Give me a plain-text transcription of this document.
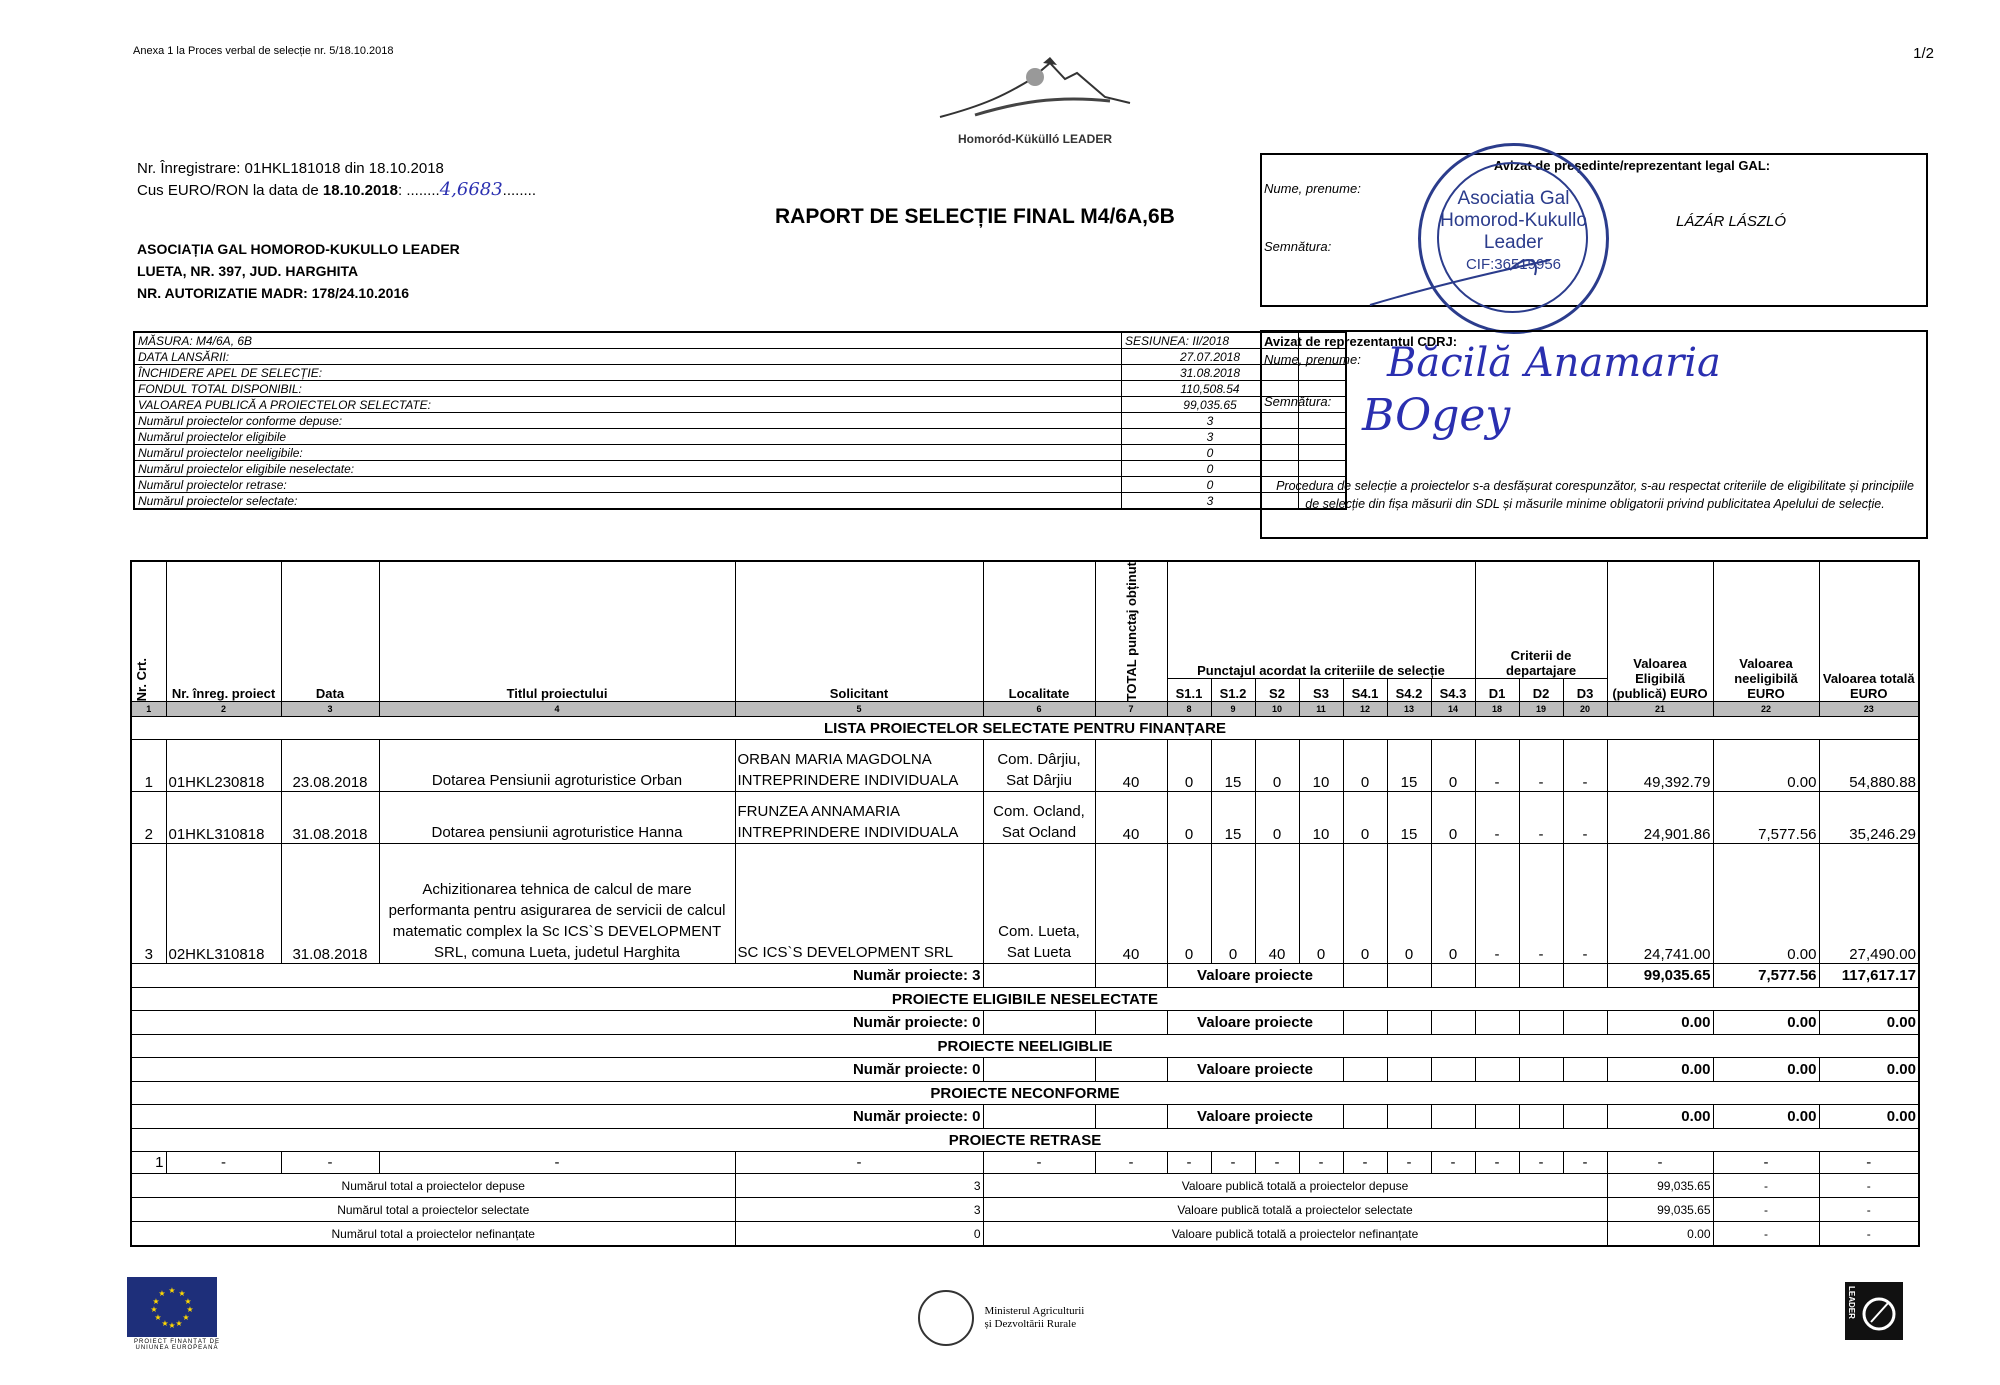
Anexa 1 la Proces verbal de selecție nr. 5/18.10.2018	1/2
Homoród-Kükülló LEADER
Nr. Înregistrare: 01HKL181018 din 18.10.2018
Cus EURO/RON la data de 18.10.2018: ........4,6683........
ASOCIAȚIA GAL HOMOROD-KUKULLO LEADER
LUETA, NR. 397, JUD. HARGHITA
NR. AUTORIZATIE MADR: 178/24.10.2016
RAPORT DE SELECȚIE FINAL M4/6A,6B
MĂSURA: M4/6A, 6B	SESIUNEA: II/2018	
DATA LANSĂRII:	27.07.2018	
ÎNCHIDERE APEL DE SELECȚIE:	31.08.2018	
FONDUL TOTAL DISPONIBIL:	110,508.54	
VALOAREA PUBLICĂ A PROIECTELOR SELECTATE:	99,035.65	
Numărul proiectelor conforme depuse:	3	
Numărul proiectelor eligibile	3	
Numărul proiectelor neeligibile:	0	
Numărul proiectelor eligibile neselectate:	0	
Numărul proiectelor retrase:	0	
Numărul proiectelor selectate:	3	
Avizat de președinte/reprezentant legal GAL:
Nume, prenume:
Semnătura:
LÁZÁR LÁSZLÓ
Asociatia Gal
Homorod-Kukullo
Leader
CIF:36519956
Avizat de reprezentantul CDRJ:
Nume, prenume:
Semnătura:
Băcilă Anamaria
BOgey
Procedura de selecție a proiectelor s-a desfășurat corespunzător, s-au respectat criteriile de eligibilitate și principiile de selecție din fișa măsurii din SDL și măsurile minime obligatorii privind publicitatea Apelului de selecție.
Nr. Crt.	Nr. înreg. proiect	Data	Titlul proiectului	Solicitant	Localitate	TOTAL punctaj obținut	Punctajul acordat la criteriile de selecție							Criterii de departajare			Valoarea Eligibilă (publică) EURO	Valoarea neeligibilă EURO	Valoarea totală EURO
							S1.1	S1.2	S2	S3	S4.1	S4.2	S4.3	D1	D2	D3			
1	2	3	4	5	6	7	8	9	10	11	12	13	14	18	19	20	21	22	23
LISTA PROIECTELOR SELECTATE PENTRU FINANȚARE																			
1	01HKL230818	23.08.2018	Dotarea Pensiunii agroturistice Orban	ORBAN MARIA MAGDOLNA INTREPRINDERE INDIVIDUALA	Com. Dârjiu, Sat Dârjiu	40	0	15	0	10	0	15	0	-	-	-	49,392.79	0.00	54,880.88
2	01HKL310818	31.08.2018	Dotarea pensiunii agroturistice Hanna	FRUNZEA ANNAMARIA INTREPRINDERE INDIVIDUALA	Com. Ocland, Sat Ocland	40	0	15	0	10	0	15	0	-	-	-	24,901.86	7,577.56	35,246.29
3	02HKL310818	31.08.2018	Achizitionarea tehnica de calcul de mare performanta pentru asigurarea de servicii de calcul matematic complex la Sc ICS`S DEVELOPMENT SRL, comuna Lueta, judetul Harghita	SC ICS`S DEVELOPMENT SRL	Com. Lueta, Sat Lueta	40	0	0	40	0	0	0	0	-	-	-	24,741.00	0.00	27,490.00
Număr proiecte: 3							Valoare proiecte										99,035.65	7,577.56	117,617.17
PROIECTE ELIGIBILE NESELECTATE																			
Număr proiecte: 0							Valoare proiecte										0.00	0.00	0.00
PROIECTE NEELIGIBLIE																			
Număr proiecte: 0							Valoare proiecte										0.00	0.00	0.00
PROIECTE NECONFORME																			
Număr proiecte: 0							Valoare proiecte										0.00	0.00	0.00
PROIECTE RETRASE																			
1	-	-	-	-	-	-	-	-	-	-	-	-	-	-	-	-	-	-	-
Numărul total a proiectelor depuse				3	Valoare publică totală a proiectelor depuse												99,035.65	-	-
Numărul total a proiectelor selectate				3	Valoare publică totală a proiectelor selectate												99,035.65	-	-
Numărul total a proiectelor nefinanțate				0	Valoare publică totală a proiectelor nefinanțate												0.00	-	-
★ ★
★
★
★
★
★
★
★
★
★
★
PROIECT FINANȚAT DE UNIUNEA EUROPEANĂ

Ministerul Agriculturii
și Dezvoltării Rurale
LEADER
